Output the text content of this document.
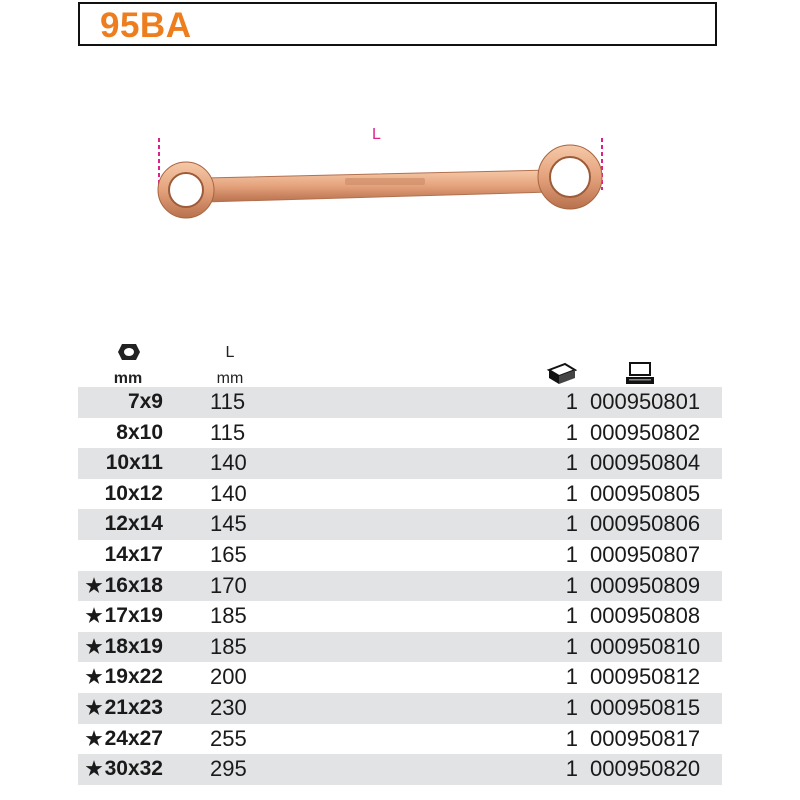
95BA
L
mm
L
mm
7x9 115	1 000950801
8x10 115	1 000950802
10x11 140	1 000950804
10x12 140	1 000950805
12x14 145	1 000950806
14x17 165	1 000950807
★16x18 170	1 000950809
★17x19 185	1 000950808
★18x19 185	1 000950810
★19x22 200	1 000950812
★21x23 230	1 000950815
★24x27 255	1 000950817
★30x32 295	1 000950820
